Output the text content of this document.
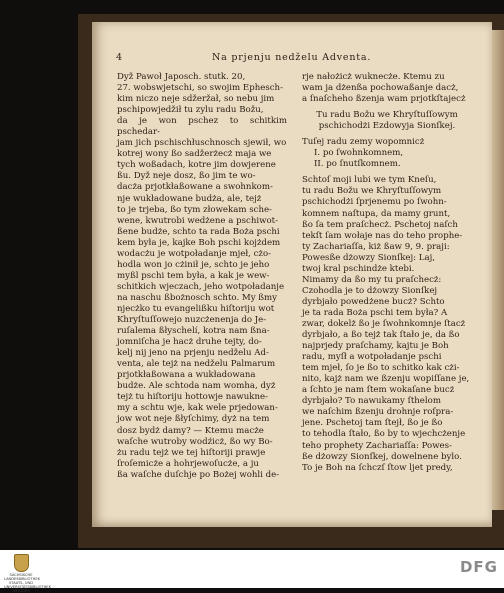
4	Na prjenju nedželu Adventa.

Dyž Pawoł Japosch. stutk. 20,

27. wobswjetschi, so swojim Ephesch-

kim niczo neje sdžeržał, so nebu jim

pschipowjedžił tu zylu radu Božu,

da je won pschez to schitkim pschedar-

jam jich pschischłuschnosch sjewił, wo

kotrej wony ßo sadžerżecż maja we

tych woßadach, kotre jim dowjerene

ßu. Dyž neje dosz, ßo jim te wo-

dacża prjotkłaßowane a swohnkom-

nje wukładowane budża, ale, tejż

to je trjeba, ßo tym złowekam sche-

wene, kwutrobi wedżene a pschiwot-

ßene budże, schto ta rada Boża pschi

kem była je, kajke Boh pschi kojżdem

wodacżu je wotpoładanje mjeł, cżo-

hodla won jo cżinił je, schto je jeho

myßl pschi tem była, a kak je wew-

schitkich wjeczach, jeho wotpoładanje

na naschu ßbożnosch schto. My ßmy

njecżko tu evangelißku hiſtoriju wot

Khryſtuſſowejo nuzcżenenja do Je-

ruſalema ßłyschelí, kotra nam ßna-

jomniſcha je hacż druhe tejty, do-

kelj nij jeno na prjenju nedželu Ad-

venta, ale tejż na nedželu Palmarum

prjotkłaßowana a wukładowana

budże. Ale schtoda nam womha, dyż

tejż tu hiſtoriju hottowje nawukne-

my a schtu wje, kak wele prjedowan-

jow wot neje ßłyſchimy, dyż na tem

dosz bydż damy? — Ktemu macże

waſche wutroby wodźicż, ßo wy Bo-

żu radu tejż we tej hiſtoriji prawje

ſroſemicże a hohrjewoſucże, a ju

ßa waſche duſchje po Bożej wohli de-

rje nałożicż wuknecże. Ktemu zu

wam ja dżenßa pochowaßanje dacż,

a ſnaſcheho ßzenja wam prjotkſtajecż

Tu radu Božu we Khryſtuſſowym

pschichodżi Ezdowyja Sionſkej.

Tuſej radu zemy wopomnicż

I. po ſwohnkomnem,

II. po ſnutſkomnem.

Schtoſ moji lubi we tym Kneſu,

tu radu Božu we Khryſtuſſowym

pschichodżi ſprjenemu po ſwohn-

komnem naſtupa, da mamy grunt,

ßo ſa tem praſchecż. Pschetoj naſch

tekſt ſam wołaje nas do teho prophe-

ty Zachariaſſa, kiż ßaw 9, 9. praji:

Powesße dżowzy Sionſkej: Laj,

twoj kral pschindże ktebi.

Nimamy da ßo my tu praſchecż:

Czohodla je to dżowzy Sionſkej

dyrbjało powedżene bucż? Schto

je ta rada Boża pschi tem była? A

zwar, dokelż ßo je ſwohnkomnje ſtacż

dyrbjało, a ßo tejż tak ſtało je, da ßo

najprjedy praſchamy, kajtu je Boh

radu, myſł a wotpoładanje pschi

tem mjeł, ſo je ßo to schitko kak cżi-

nito, kajż nam we ßzenju wopiſſane je,

a ſchto je nam ſtem wokaſane bucż

dyrbjało? To nawukamy ſthelom

we naſchim ßzenju drohnje roſpra-

jene. Pschetoj tam ſtejł, ßo je ßo

to tehodla ſtało, ßo by to wjechcżenje

teho prophety Zachariaſſa: Powes-

ße dżowzy Sionſkej, dowelnene bylo.

To je Boh na ſchczſ ſtow ljet predy,

SÄCHSISCHE LANDESBIBLIOTHEK STAATS- UND UNIVERSITÄTSBIBLIOTHEK DRESDEN
DFG
